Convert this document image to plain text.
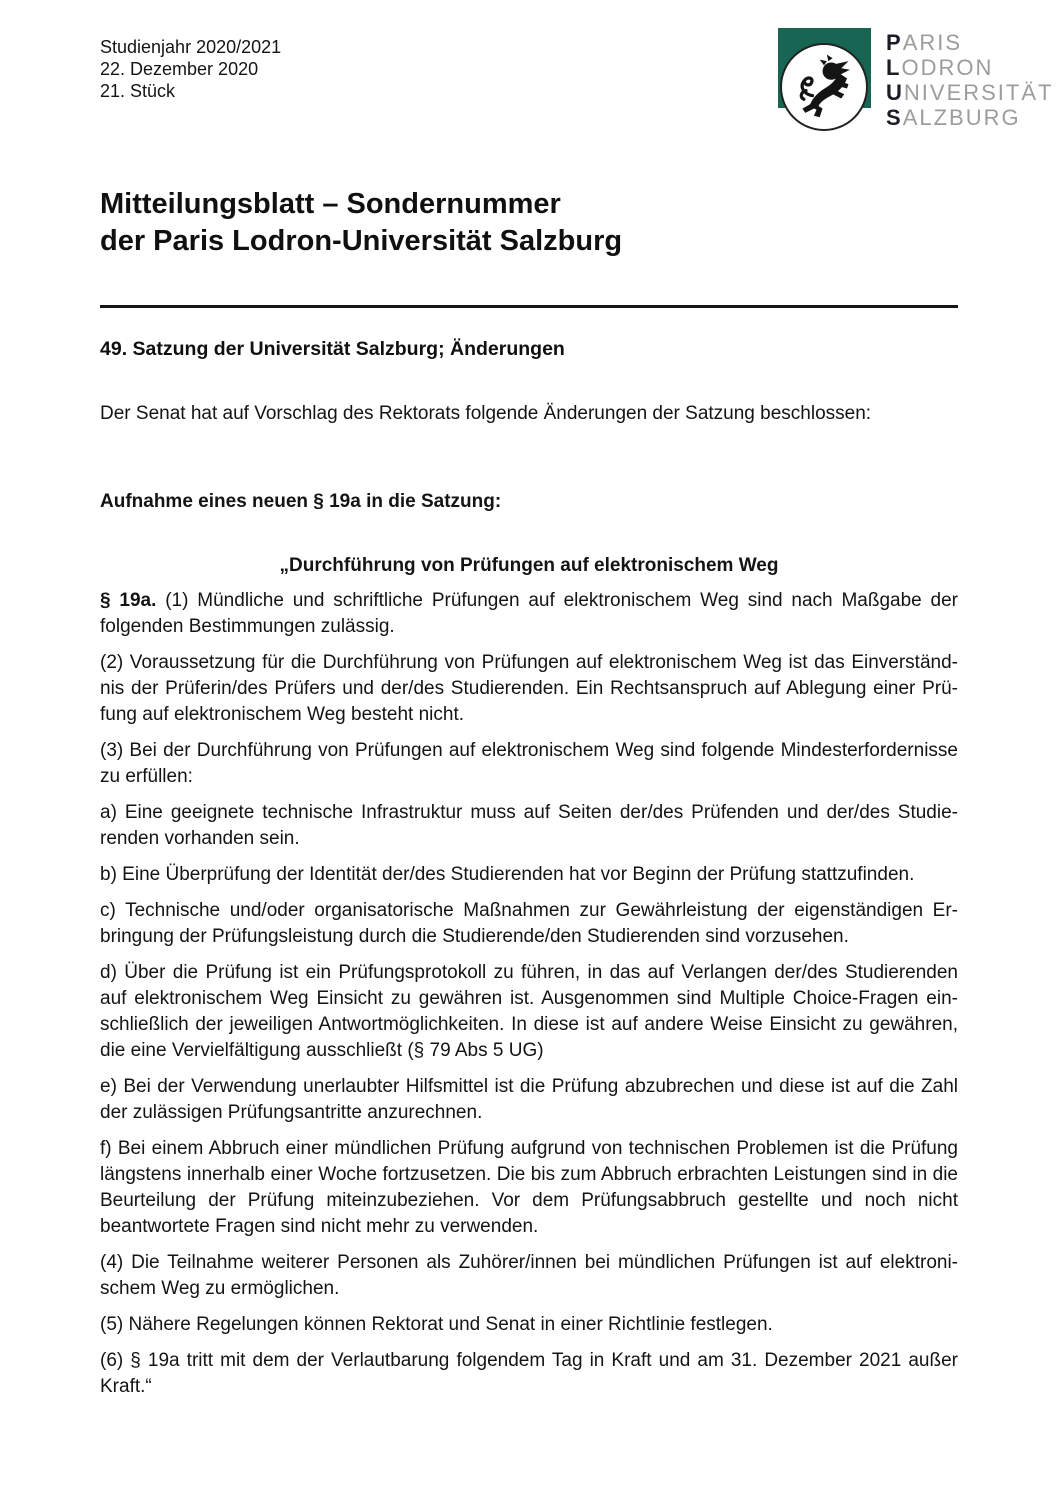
PARIS
LODRON
UNIVERSITÄT
SALZBURG
Studienjahr 2020/2021
22. Dezember 2020
21. Stück
Mitteilungsblatt – Sondernummer
der Paris Lodron-Universität Salzburg
49. Satzung der Universität Salzburg; Änderungen

Der Senat hat auf Vorschlag des Rektorats folgende Änderungen der Satzung beschlossen:

Aufnahme eines neuen § 19a in die Satzung:

„Durchführung von Prüfungen auf elektronischem Weg

§ 19a. (1) Mündliche und schriftliche Prüfungen auf elektronischem Weg sind nach Maßgabe der folgenden Bestimmungen zulässig.

(2) Voraussetzung für die Durchführung von Prüfungen auf elektronischem Weg ist das Einverständnis der Prüferin/des Prüfers und der/des Studierenden. Ein Rechtsanspruch auf Ablegung einer Prüfung auf elektronischem Weg besteht nicht.

(3) Bei der Durchführung von Prüfungen auf elektronischem Weg sind folgende Mindesterfordernisse zu erfüllen:

a) Eine geeignete technische Infrastruktur muss auf Seiten der/des Prüfenden und der/des Studierenden vorhanden sein.

b) Eine Überprüfung der Identität der/des Studierenden hat vor Beginn der Prüfung stattzufinden.

c) Technische und/oder organisatorische Maßnahmen zur Gewährleistung der eigenständigen Erbringung der Prüfungsleistung durch die Studierende/den Studierenden sind vorzusehen.

d) Über die Prüfung ist ein Prüfungsprotokoll zu führen, in das auf Verlangen der/des Studierenden auf elektronischem Weg Einsicht zu gewähren ist. Ausgenommen sind Multiple Choice-Fragen einschließlich der jeweiligen Antwortmöglichkeiten. In diese ist auf andere Weise Einsicht zu gewähren, die eine Vervielfältigung ausschließt (§ 79 Abs 5 UG)

e) Bei der Verwendung unerlaubter Hilfsmittel ist die Prüfung abzubrechen und diese ist auf die Zahl der zulässigen Prüfungsantritte anzurechnen.

f) Bei einem Abbruch einer mündlichen Prüfung aufgrund von technischen Problemen ist die Prüfung längstens innerhalb einer Woche fortzusetzen. Die bis zum Abbruch erbrachten Leistungen sind in die Beurteilung der Prüfung miteinzubeziehen. Vor dem Prüfungsabbruch gestellte und noch nicht beantwortete Fragen sind nicht mehr zu verwenden.

(4) Die Teilnahme weiterer Personen als Zuhörer/innen bei mündlichen Prüfungen ist auf elektronischem Weg zu ermöglichen.

(5) Nähere Regelungen können Rektorat und Senat in einer Richtlinie festlegen.

(6) § 19a tritt mit dem der Verlautbarung folgendem Tag in Kraft und am 31. Dezember 2021 außer Kraft.“
